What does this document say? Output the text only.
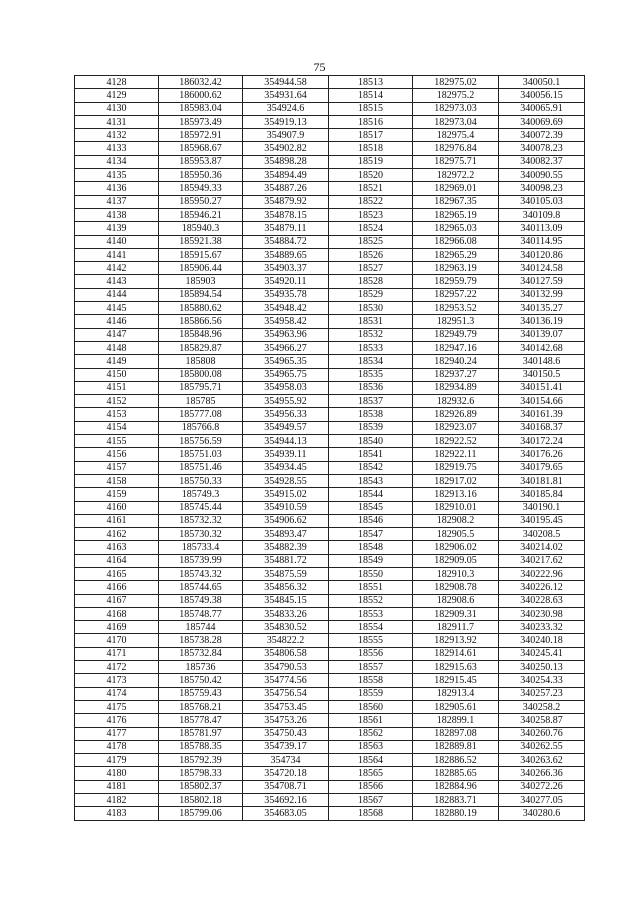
75
4128	186032.42	354944.58	18513	182975.02	340050.1
4129	186000.62	354931.64	18514	182975.2	340056.15
4130	185983.04	354924.6	18515	182973.03	340065.91
4131	185973.49	354919.13	18516	182973.04	340069.69
4132	185972.91	354907.9	18517	182975.4	340072.39
4133	185968.67	354902.82	18518	182976.84	340078.23
4134	185953.87	354898.28	18519	182975.71	340082.37
4135	185950.36	354894.49	18520	182972.2	340090.55
4136	185949.33	354887.26	18521	182969.01	340098.23
4137	185950.27	354879.92	18522	182967.35	340105.03
4138	185946.21	354878.15	18523	182965.19	340109.8
4139	185940.3	354879.11	18524	182965.03	340113.09
4140	185921.38	354884.72	18525	182966.08	340114.95
4141	185915.67	354889.65	18526	182965.29	340120.86
4142	185906.44	354903.37	18527	182963.19	340124.58
4143	185903	354920.11	18528	182959.79	340127.59
4144	185894.54	354935.78	18529	182957.22	340132.99
4145	185880.62	354948.42	18530	182953.52	340135.27
4146	185866.56	354958.42	18531	182951.3	340136.19
4147	185848.96	354963.96	18532	182949.79	340139.07
4148	185829.87	354966.27	18533	182947.16	340142.68
4149	185808	354965.35	18534	182940.24	340148.6
4150	185800.08	354965.75	18535	182937.27	340150.5
4151	185795.71	354958.03	18536	182934.89	340151.41
4152	185785	354955.92	18537	182932.6	340154.66
4153	185777.08	354956.33	18538	182926.89	340161.39
4154	185766.8	354949.57	18539	182923.07	340168.37
4155	185756.59	354944.13	18540	182922.52	340172.24
4156	185751.03	354939.11	18541	182922.11	340176.26
4157	185751.46	354934.45	18542	182919.75	340179.65
4158	185750.33	354928.55	18543	182917.02	340181.81
4159	185749.3	354915.02	18544	182913.16	340185.84
4160	185745.44	354910.59	18545	182910.01	340190.1
4161	185732.32	354906.62	18546	182908.2	340195.45
4162	185730.32	354893.47	18547	182905.5	340208.5
4163	185733.4	354882.39	18548	182906.02	340214.02
4164	185739.99	354881.72	18549	182909.05	340217.62
4165	185743.32	354875.59	18550	182910.3	340222.96
4166	185744.65	354856.32	18551	182908.78	340226.12
4167	185749.38	354845.15	18552	182908.6	340228.63
4168	185748.77	354833.26	18553	182909.31	340230.98
4169	185744	354830.52	18554	182911.7	340233.32
4170	185738.28	354822.2	18555	182913.92	340240.18
4171	185732.84	354806.58	18556	182914.61	340245.41
4172	185736	354790.53	18557	182915.63	340250.13
4173	185750.42	354774.56	18558	182915.45	340254.33
4174	185759.43	354756.54	18559	182913.4	340257.23
4175	185768.21	354753.45	18560	182905.61	340258.2
4176	185778.47	354753.26	18561	182899.1	340258.87
4177	185781.97	354750.43	18562	182897.08	340260.76
4178	185788.35	354739.17	18563	182889.81	340262.55
4179	185792.39	354734	18564	182886.52	340263.62
4180	185798.33	354720.18	18565	182885.65	340266.36
4181	185802.37	354708.71	18566	182884.96	340272.26
4182	185802.18	354692.16	18567	182883.71	340277.05
4183	185799.06	354683.05	18568	182880.19	340280.6
